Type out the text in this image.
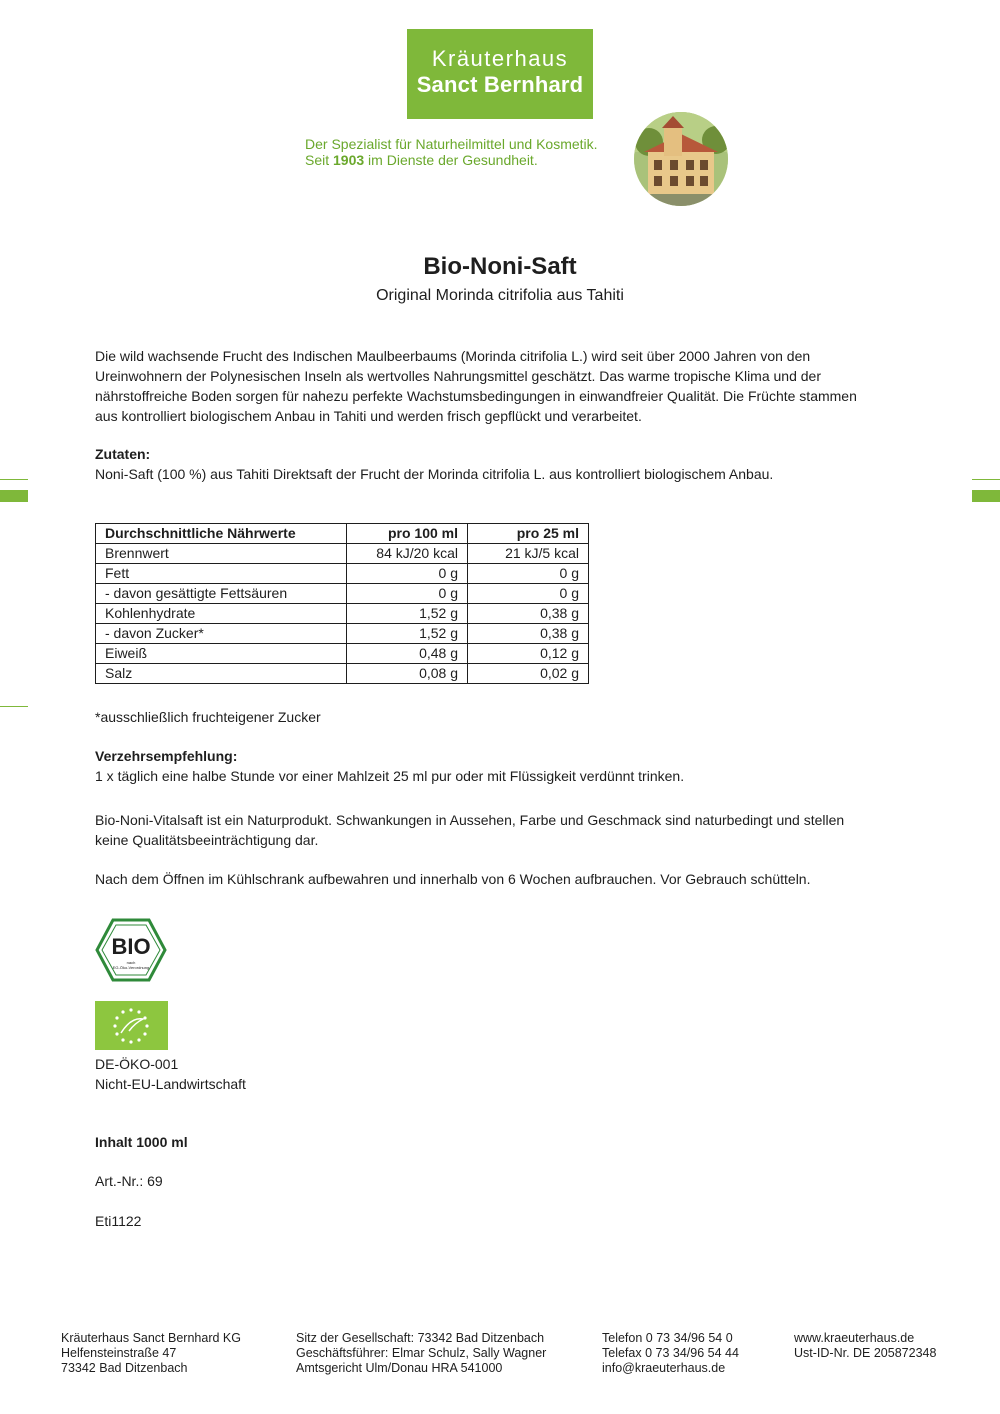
Kräuterhaus
Sanct Bernhard
Der Spezialist für Naturheilmittel und Kosmetik.
Seit 1903 im Dienste der Gesundheit.
Bio-Noni-Saft
Original Morinda citrifolia aus Tahiti
Die wild wachsende Frucht des Indischen Maulbeerbaums (Morinda citrifolia L.) wird seit über 2000 Jahren von den
Ureinwohnern der Polynesischen Inseln als wertvolles Nahrungsmittel geschätzt. Das warme tropische Klima und der
nährstoffreiche Boden sorgen für nahezu perfekte Wachstumsbedingungen in einwandfreier Qualität. Die Früchte stammen
aus kontrolliert biologischem Anbau in Tahiti und werden frisch gepflückt und verarbeitet.
Zutaten:
Noni-Saft (100 %) aus Tahiti Direktsaft der Frucht der Morinda citrifolia L. aus kontrolliert biologischem Anbau.
Durchschnittliche Nährwerte	pro 100 ml	pro 25 ml
Brennwert	84 kJ/20 kcal	21 kJ/5 kcal
Fett	0 g	0 g
- davon gesättigte Fettsäuren	0 g	0 g
Kohlenhydrate	1,52 g	0,38 g
- davon Zucker*	1,52 g	0,38 g
Eiweiß	0,48 g	0,12 g
Salz	0,08 g	0,02 g
*ausschließlich fruchteigener Zucker
Verzehrsempfehlung:
1 x täglich eine halbe Stunde vor einer Mahlzeit 25 ml pur oder mit Flüssigkeit verdünnt trinken.
Bio-Noni-Vitalsaft ist ein Naturprodukt. Schwankungen in Aussehen, Farbe und Geschmack sind naturbedingt und stellen
keine Qualitätsbeeinträchtigung dar.
Nach dem Öffnen im Kühlschrank aufbewahren und innerhalb von 6 Wochen aufbrauchen. Vor Gebrauch schütteln.
BIO
nach
EG-Öko-Verordnung
DE-ÖKO-001
Nicht-EU-Landwirtschaft
Inhalt 1000 ml
Art.-Nr.: 69
Eti1122
Kräuterhaus Sanct Bernhard KG
Helfensteinstraße 47
73342 Bad Ditzenbach
Sitz der Gesellschaft: 73342 Bad Ditzenbach
Geschäftsführer: Elmar Schulz, Sally Wagner
Amtsgericht Ulm/Donau HRA 541000
Telefon 0 73 34/96 54 0
Telefax 0 73 34/96 54 44
info@kraeuterhaus.de
www.kraeuterhaus.de
Ust-ID-Nr. DE 205872348
